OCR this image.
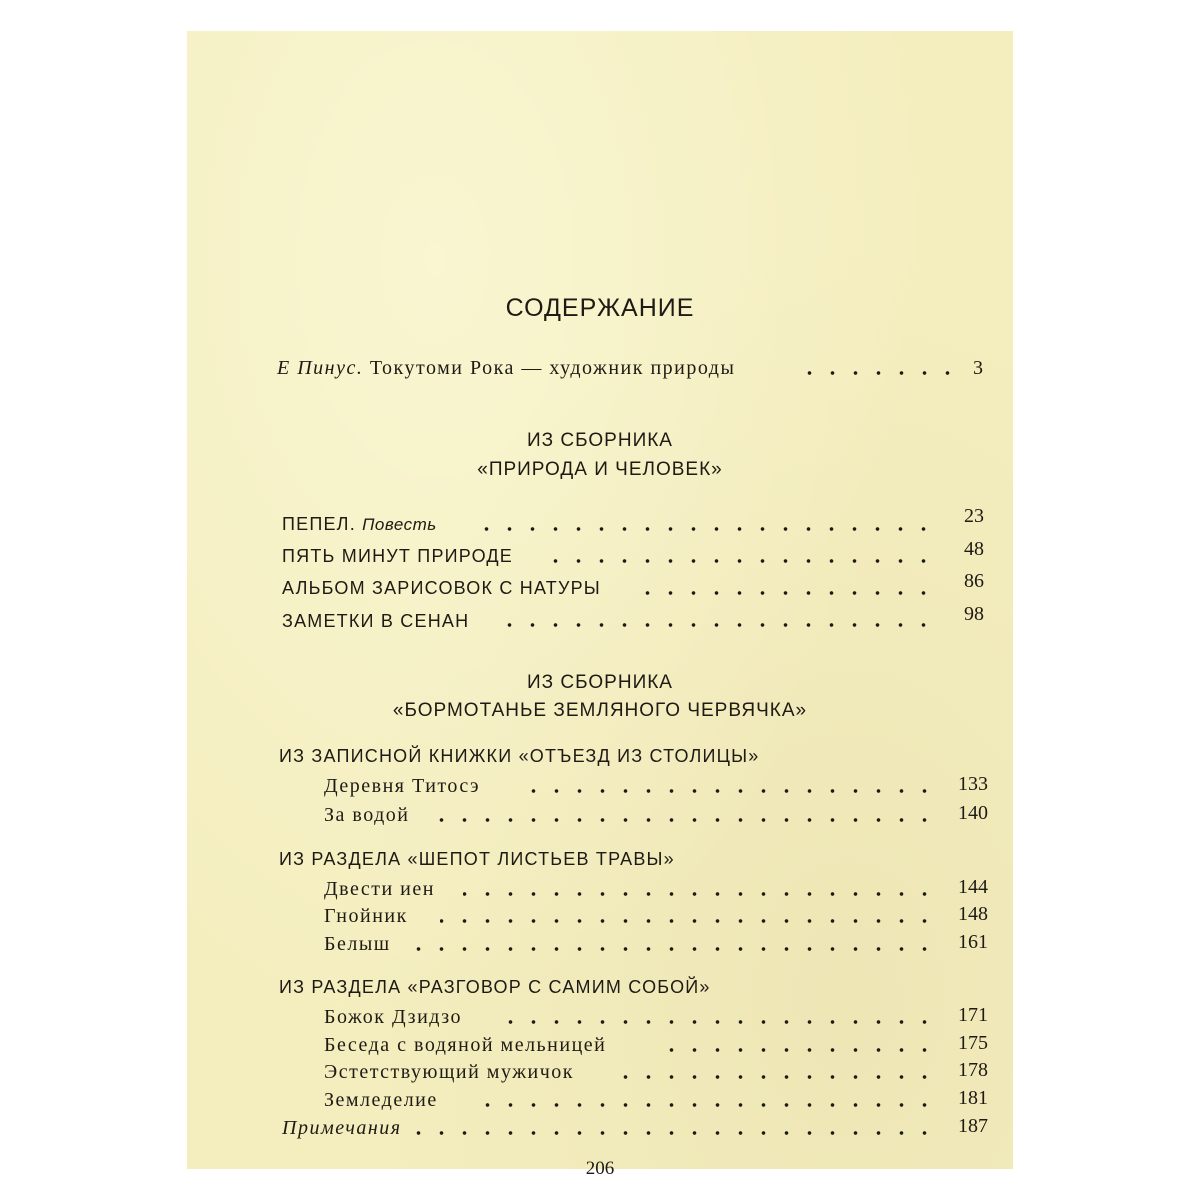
СОДЕРЖАНИЕ
Е Пинус. Токутоми Рока — художник природы	3
ИЗ СБОРНИКА
«ПРИРОДА И ЧЕЛОВЕК»
ПЕПЕЛ. Повесть	23
ПЯТЬ МИНУТ ПРИРОДЕ	48
АЛЬБОМ ЗАРИСОВОК С НАТУРЫ	86
ЗАМЕТКИ В СЕНАН	98
ИЗ СБОРНИКА
«БОРМОТАНЬЕ ЗЕМЛЯНОГО ЧЕРВЯЧКА»
ИЗ ЗАПИСНОЙ КНИЖКИ «ОТЪЕЗД ИЗ СТОЛИЦЫ»
Деревня Титосэ	133
За водой	140
ИЗ РАЗДЕЛА «ШЕПОТ ЛИСТЬЕВ ТРАВЫ»
Двести иен	144
Гнойник	148
Белыш	161
ИЗ РАЗДЕЛА «РАЗГОВОР С САМИМ СОБОЙ»
Божок Дзидзо	171
Беседа с водяной мельницей	175
Эстетствующий мужичок	178
Земледелие	181
Примечания	187
206
